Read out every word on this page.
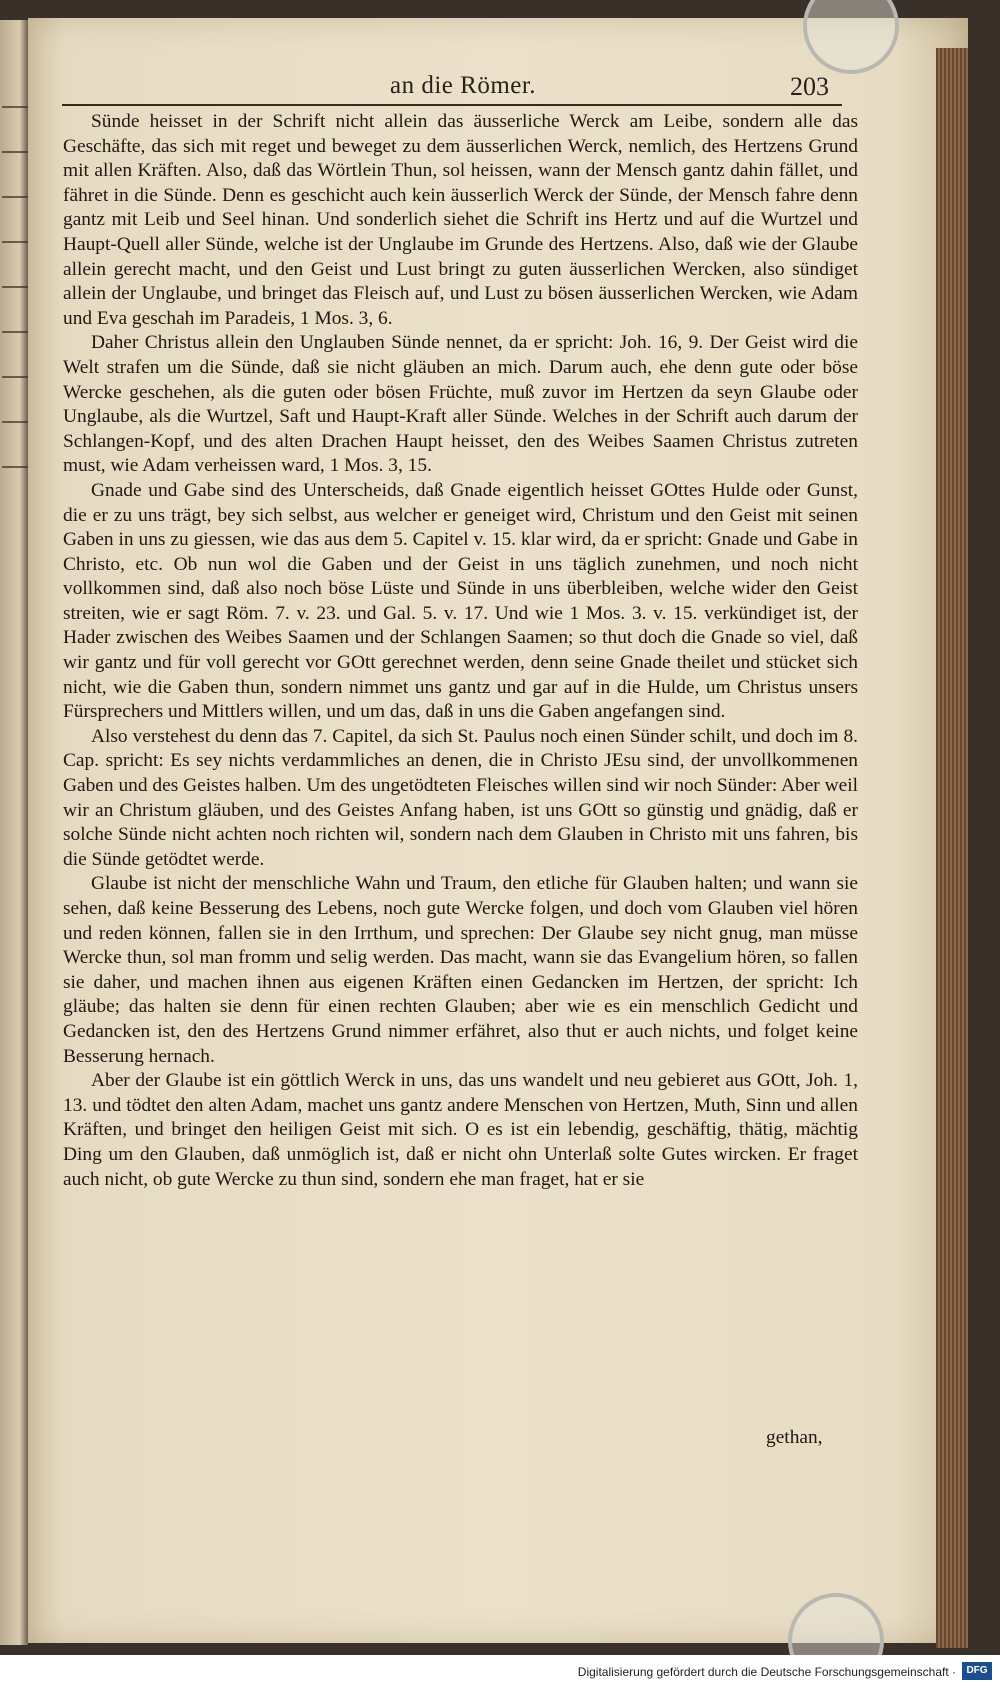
an die Römer.	203

Sünde heisset in der Schrift nicht allein das äusserliche Werck am Leibe, sondern alle das Geschäfte, das sich mit reget und beweget zu dem äusserlichen Werck, nemlich, des Hertzens Grund mit allen Kräften. Also, daß das Wörtlein Thun, sol heissen, wann der Mensch gantz dahin fället, und fähret in die Sünde. Denn es geschicht auch kein äusserlich Werck der Sünde, der Mensch fahre denn gantz mit Leib und Seel hinan. Und sonderlich siehet die Schrift ins Hertz und auf die Wurtzel und Haupt-Quell aller Sünde, welche ist der Unglaube im Grunde des Hertzens. Also, daß wie der Glaube allein gerecht macht, und den Geist und Lust bringt zu guten äusserlichen Wercken, also sündiget allein der Unglaube, und bringet das Fleisch auf, und Lust zu bösen äusserlichen Wercken, wie Adam und Eva geschah im Paradeis, 1 Mos. 3, 6.

Daher Christus allein den Unglauben Sünde nennet, da er spricht: Joh. 16, 9. Der Geist wird die Welt strafen um die Sünde, daß sie nicht gläuben an mich. Darum auch, ehe denn gute oder böse Wercke geschehen, als die guten oder bösen Früchte, muß zuvor im Hertzen da seyn Glaube oder Unglaube, als die Wurtzel, Saft und Haupt-Kraft aller Sünde. Welches in der Schrift auch darum der Schlangen-Kopf, und des alten Drachen Haupt heisset, den des Weibes Saamen Christus zutreten must, wie Adam verheissen ward, 1 Mos. 3, 15.

Gnade und Gabe sind des Unterscheids, daß Gnade eigentlich heisset GOttes Hulde oder Gunst, die er zu uns trägt, bey sich selbst, aus welcher er geneiget wird, Christum und den Geist mit seinen Gaben in uns zu giessen, wie das aus dem 5. Capitel v. 15. klar wird, da er spricht: Gnade und Gabe in Christo, etc. Ob nun wol die Gaben und der Geist in uns täglich zunehmen, und noch nicht vollkommen sind, daß also noch böse Lüste und Sünde in uns überbleiben, welche wider den Geist streiten, wie er sagt Röm. 7. v. 23. und Gal. 5. v. 17. Und wie 1 Mos. 3. v. 15. verkündiget ist, der Hader zwischen des Weibes Saamen und der Schlangen Saamen; so thut doch die Gnade so viel, daß wir gantz und für voll gerecht vor GOtt gerechnet werden, denn seine Gnade theilet und stücket sich nicht, wie die Gaben thun, sondern nimmet uns gantz und gar auf in die Hulde, um Christus unsers Fürsprechers und Mittlers willen, und um das, daß in uns die Gaben angefangen sind.

Also verstehest du denn das 7. Capitel, da sich St. Paulus noch einen Sünder schilt, und doch im 8. Cap. spricht: Es sey nichts verdammliches an denen, die in Christo JEsu sind, der unvollkommenen Gaben und des Geistes halben. Um des ungetödteten Fleisches willen sind wir noch Sünder: Aber weil wir an Christum gläuben, und des Geistes Anfang haben, ist uns GOtt so günstig und gnädig, daß er solche Sünde nicht achten noch richten wil, sondern nach dem Glauben in Christo mit uns fahren, bis die Sünde getödtet werde.

Glaube ist nicht der menschliche Wahn und Traum, den etliche für Glauben halten; und wann sie sehen, daß keine Besserung des Lebens, noch gute Wercke folgen, und doch vom Glauben viel hören und reden können, fallen sie in den Irrthum, und sprechen: Der Glaube sey nicht gnug, man müsse Wercke thun, sol man fromm und selig werden. Das macht, wann sie das Evangelium hören, so fallen sie daher, und machen ihnen aus eigenen Kräften einen Gedancken im Hertzen, der spricht: Ich gläube; das halten sie denn für einen rechten Glauben; aber wie es ein menschlich Gedicht und Gedancken ist, den des Hertzens Grund nimmer erfähret, also thut er auch nichts, und folget keine Besserung hernach.

Aber der Glaube ist ein göttlich Werck in uns, das uns wandelt und neu gebieret aus GOtt, Joh. 1, 13. und tödtet den alten Adam, machet uns gantz andere Menschen von Hertzen, Muth, Sinn und allen Kräften, und bringet den heiligen Geist mit sich. O es ist ein lebendig, geschäftig, thätig, mächtig Ding um den Glauben, daß unmöglich ist, daß er nicht ohn Unterlaß solte Gutes wircken. Er fraget auch nicht, ob gute Wercke zu thun sind, sondern ehe man fraget, hat er sie

gethan,
Digitalisierung gefördert durch die Deutsche Forschungsgemeinschaft ·	DFG
